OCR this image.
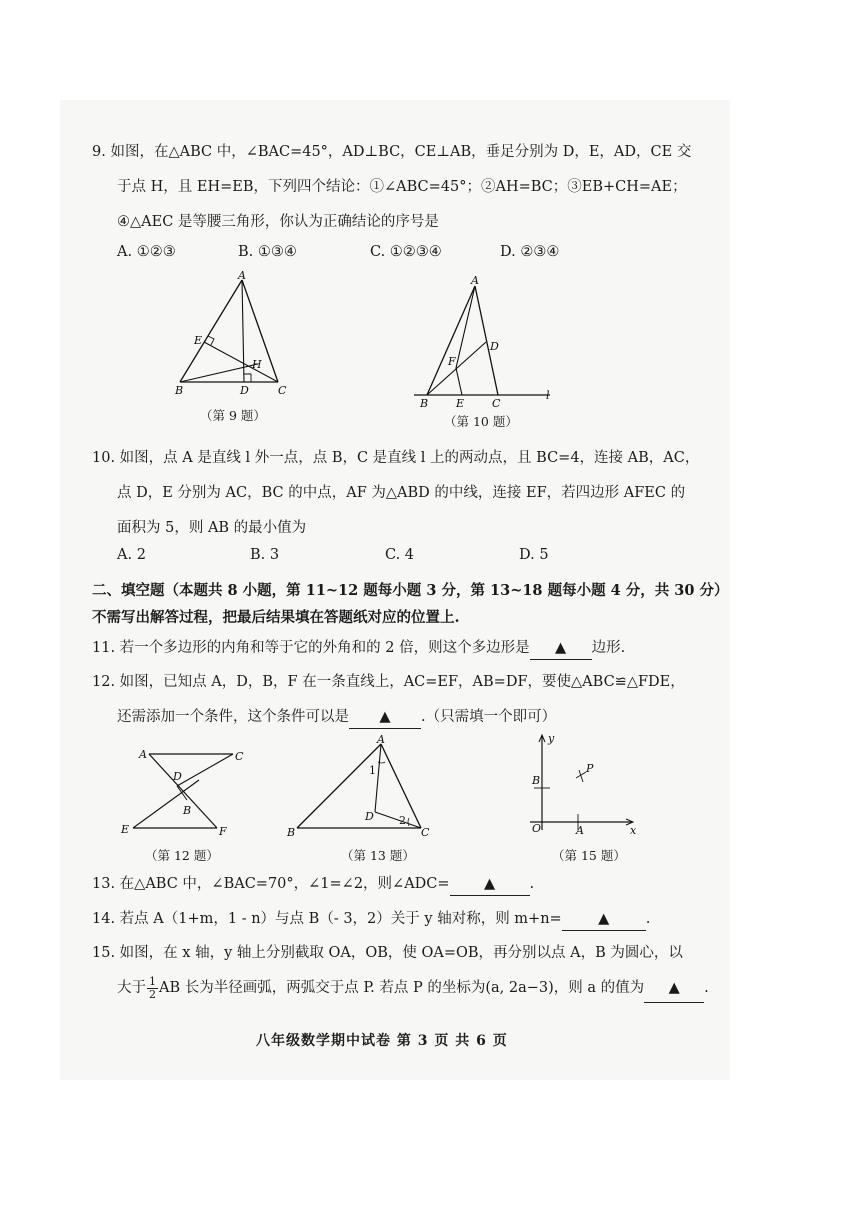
9. 如图，在△ABC 中，∠BAC=45°，AD⊥BC，CE⊥AB，垂足分别为 D，E，AD，CE 交
于点 H，且 EH=EB，下列四个结论：①∠ABC=45°；②AH=BC；③EB+CH=AE；
④△AEC 是等腰三角形，你认为正确结论的序号是
A. ①②③	B. ①③④	C. ①②③④	D. ②③④
A
E
H
B	D	C
（第 9 题）
A
D
F
B	E	C
l
（第 10 题）
10. 如图，点 A 是直线 l 外一点，点 B，C 是直线 l 上的两动点，且 BC=4，连接 AB，AC，
点 D，E 分别为 AC，BC 的中点，AF 为△ABD 的中线，连接 EF，若四边形 AFEC 的
面积为 5，则 AB 的最小值为
A. 2	B. 3	C. 4	D. 5
二、填空题（本题共 8 小题，第 11~12 题每小题 3 分，第 13~18 题每小题 4 分，共 30 分）
不需写出解答过程，把最后结果填在答题纸对应的位置上.
11. 若一个多边形的内角和等于它的外角和的 2 倍，则这个多边形是 ▲ 边形.
12. 如图，已知点 A，D，B，F 在一条直线上，AC=EF，AB=DF，要使△ABC≌△FDE，
还需添加一个条件，这个条件可以是 ▲ .（只需填一个即可）
A	C
D
B
E	F
（第 12 题）
A
1
D 2
B	C
（第 13 题）
y
P
B
O	A	x
（第 15 题）
13. 在△ABC 中，∠BAC=70°，∠1=∠2，则∠ADC= ▲ .
14. 若点 A（1+m，1 - n）与点 B（- 3，2）关于 y 轴对称，则 m+n=	▲	.
15. 如图，在 x 轴，y 轴上分别截取 OA，OB，使 OA=OB，再分别以点 A，B 为圆心，以
大于 $\frac{1}{2}$ AB 长为半径画弧，两弧交于点 P. 若点 P 的坐标为(a, 2a−3)，则 a 的值为 ▲ .
八年级数学期中试卷 第 3 页 共 6 页
